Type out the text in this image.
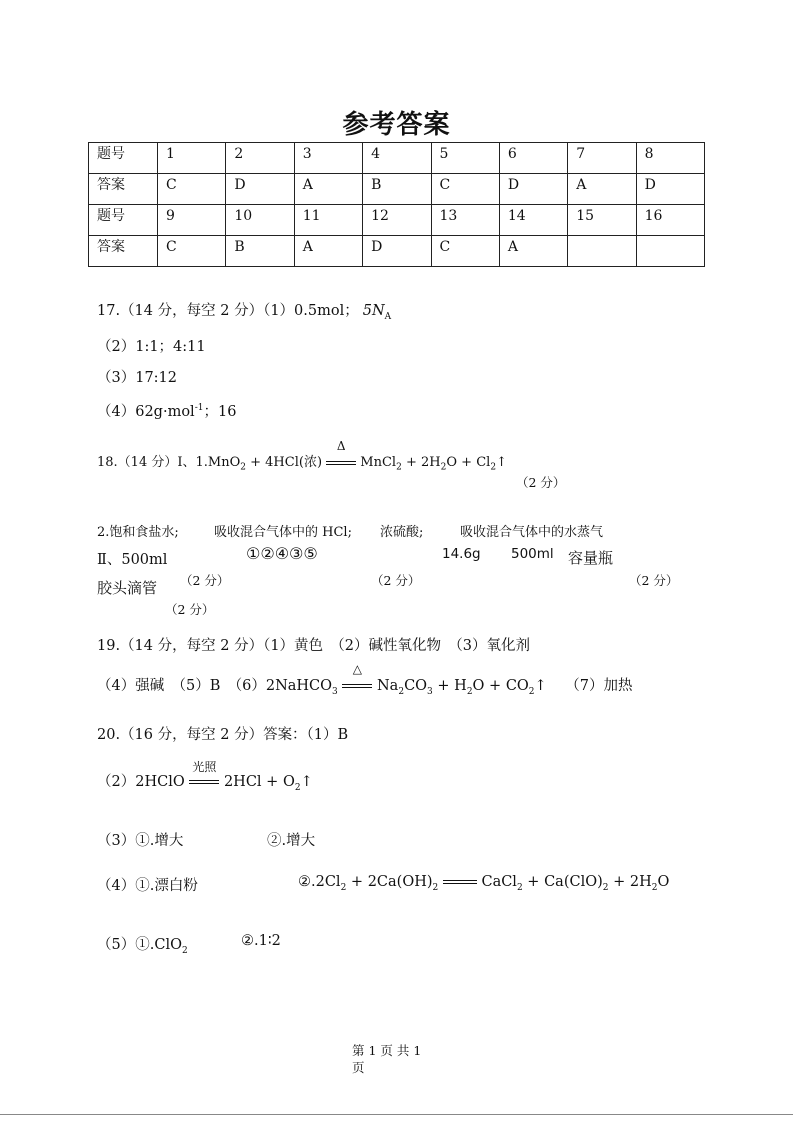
参考答案
题号	1	2	3	4	5	6	7	8
答案	C	D	A	B	C	D	A	D
题号	9	10	11	12	13	14	15	16
答案	C	B	A	D	C	A		
17.（14 分，每空 2 分）（1）0.5mol； $5N_A$
（2）1:1；4:11
（3）17:12
（4）62g·mol$^{-1}$；16
18.（14 分）Ⅰ、1.MnO$_2$ + 4HCl(浓)
Δ
MnCl$_2$ + $2H_2O$ + $Cl_2↑$
（2 分）
2.饱和食盐水;	吸收混合气体中的 HCl; 浓硫酸;	吸收混合气体中的水蒸气
Ⅱ、500ml	①②④③⑤	14.6g 500ml 容量瓶
胶头滴管 （2 分）	（2 分）	（2 分）
（2 分）
19.（14 分，每空 2 分）（1）黄色　（2）碱性氧化物　（3）氧化剂
（4）强碱　（5）B　（6）2NaHCO$_3$
△
$Na_2CO_3 + H_2O$ + $CO_2↑$ （7）加热
20.（16 分，每空 2 分）答案：（1）B
（2）2HClO
光照
$2HCl + O_2↑$
（3）①.增大	②.增大
（4）①.漂白粉	$②.2Cl_2 + 2Ca(OH)_2$	CaCl$_2$ + $Ca(ClO)_2 + 2H_2O$
（5）①.ClO$_2$
②.1∶2
第 1 页 共 1
页
